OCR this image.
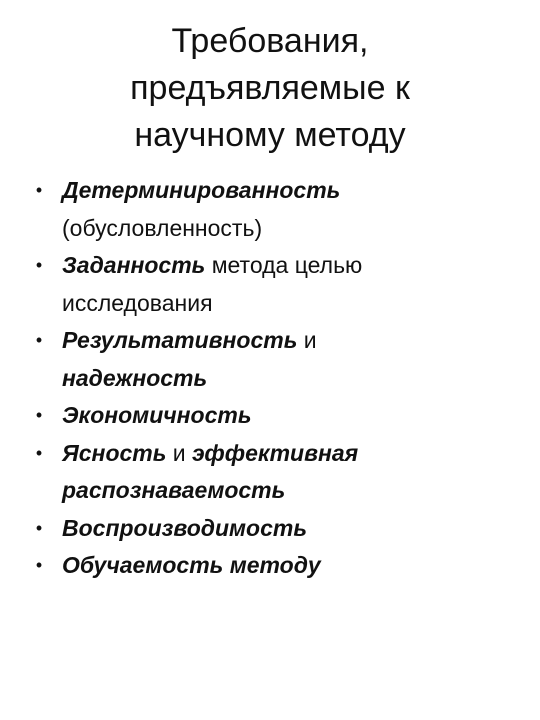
Требования,
предъявляемые к
научному методу
• Детерминированность
(обусловленность)
• Заданность метода целью
исследования
• Результативность и
надежность
• Экономичность
• Ясность и эффективная
распознаваемость
• Воспроизводимость
• Обучаемость методу
